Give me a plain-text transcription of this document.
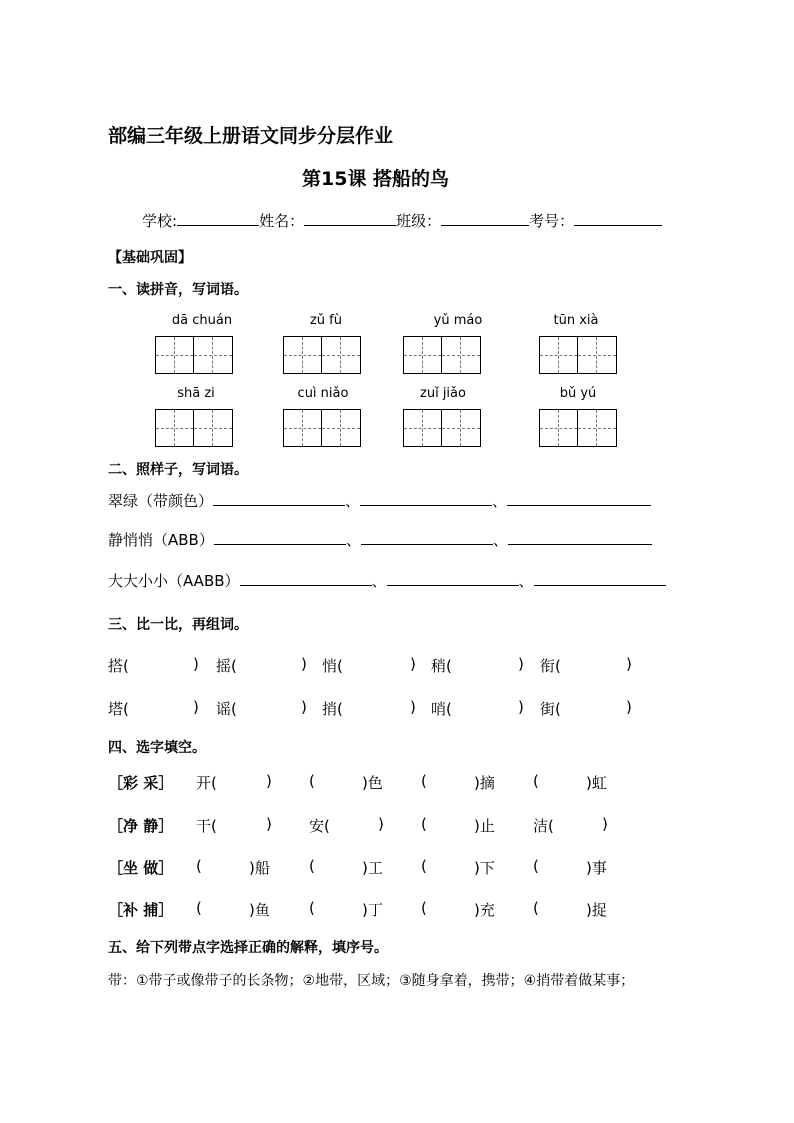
部编三年级上册语文同步分层作业
第15课 搭船的鸟
学校:	姓名：	班级：	考号：
【基础巩固】
一、读拼音，写词语。
dā chuán	zǔ fù	yǔ máo	tūn xià
shā zi	cuì niǎo	zuǐ jiǎo	bǔ yú
二、照样子，写词语。
翠绿（带颜色）	、	、
静悄悄（ABB）	、	、
大大小小（AABB）	、	、
三、比一比，再组词。
搭(	) 摇(	) 悄(	) 稍(	) 衔(	)
塔(	) 谣(	) 捎(	) 哨(	) 街(	)
四、选字填空。
［彩 采］ 开(	) (	)色	(	)摘	(	)虹
［净 静］ 干(	) 安(	) (	)止	洁(	)
［坐 做］ (	)船	(	)工	(	)下	(	)事
［补 捕］ (	)鱼	(	)丁	(	)充	(	)捉
五、给下列带点字选择正确的解释，填序号。
带：①带子或像带子的长条物；②地带，区域；③随身拿着，携带；④捎带着做某事；
